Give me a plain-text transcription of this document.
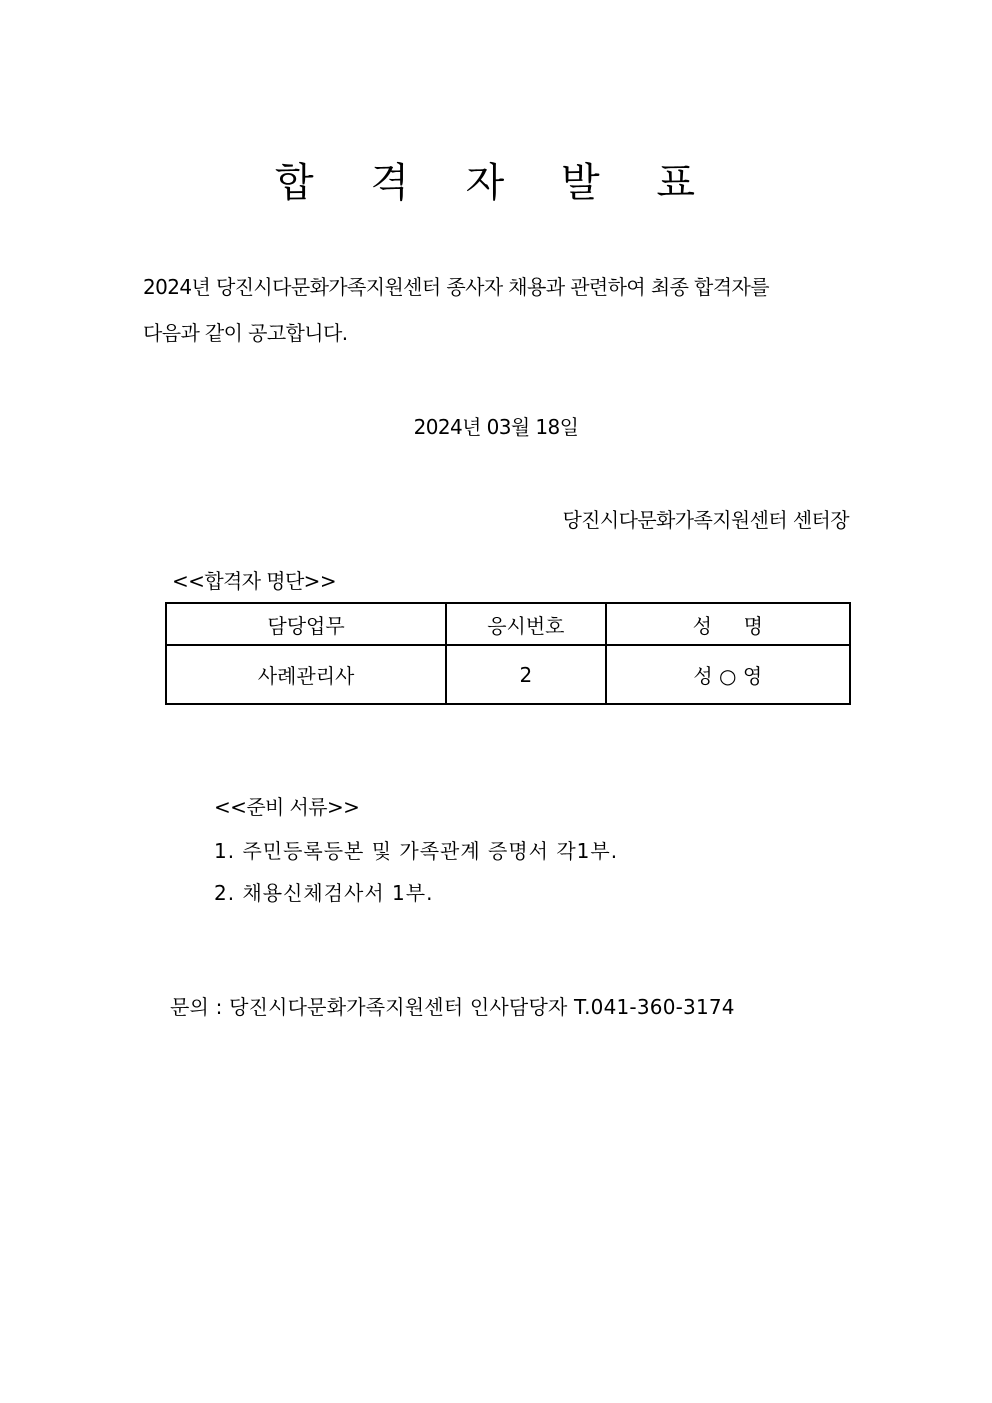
합 격 자 발 표
2024년 당진시다문화가족지원센터 종사자 채용과 관련하여 최종 합격자를
다음과 같이 공고합니다.
2024년 03월 18일
당진시다문화가족지원센터 센터장
<<합격자 명단>>
담당업무	응시번호	성     명
사례관리사	2	성 ○ 영
<<준비 서류>>
1. 주민등록등본 및 가족관계 증명서 각1부.
2. 채용신체검사서 1부.
문의 : 당진시다문화가족지원센터 인사담당자 T.041-360-3174
